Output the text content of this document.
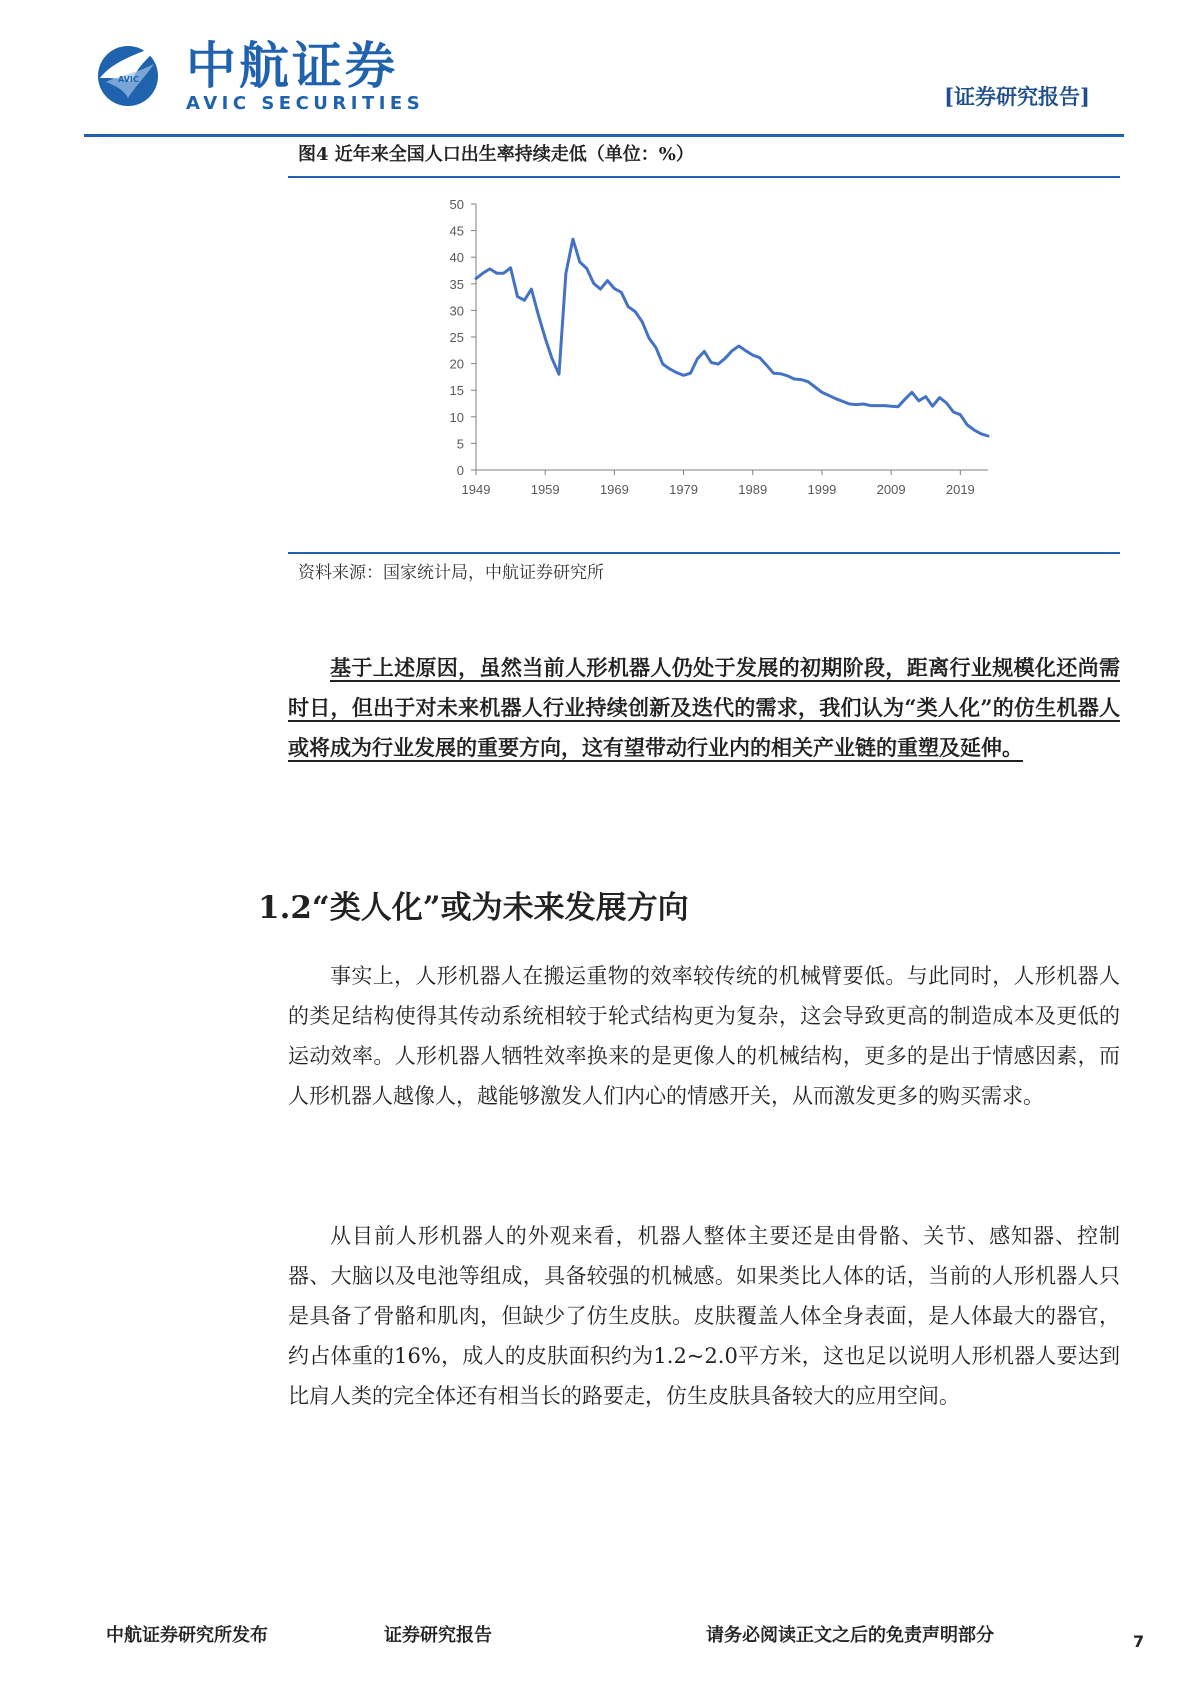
AVIC 中航证券
AVIC SECURITIES	[证券研究报告]
图4 近年来全国人口出生率持续走低（单位：%）
0
5
10
15
20
25
30
35
40
45
50
1949	1959	1969	1979	1989	1999	2009	2019
资料来源：国家统计局，中航证券研究所
基于上述原因，虽然当前人形机器人仍处于发展的初期阶段，距离行业规模化还尚需时日，但出于对未来机器人行业持续创新及迭代的需求，我们认为“类人化”的仿生机器人或将成为行业发展的重要方向，这有望带动行业内的相关产业链的重塑及延伸。
1.2“类人化”或为未来发展方向
事实上，人形机器人在搬运重物的效率较传统的机械臂要低。与此同时，人形机器人的类足结构使得其传动系统相较于轮式结构更为复杂，这会导致更高的制造成本及更低的运动效率。人形机器人牺牲效率换来的是更像人的机械结构，更多的是出于情感因素，而人形机器人越像人，越能够激发人们内心的情感开关，从而激发更多的购买需求。
从目前人形机器人的外观来看，机器人整体主要还是由骨骼、关节、感知器、控制器、大脑以及电池等组成，具备较强的机械感。如果类比人体的话，当前的人形机器人只是具备了骨骼和肌肉，但缺少了仿生皮肤。皮肤覆盖人体全身表面，是人体最大的器官，约占体重的16%，成人的皮肤面积约为1.2~2.0平方米，这也足以说明人形机器人要达到比肩人类的完全体还有相当长的路要走，仿生皮肤具备较大的应用空间。
中航证券研究所发布	证券研究报告	请务必阅读正文之后的免责声明部分	7
